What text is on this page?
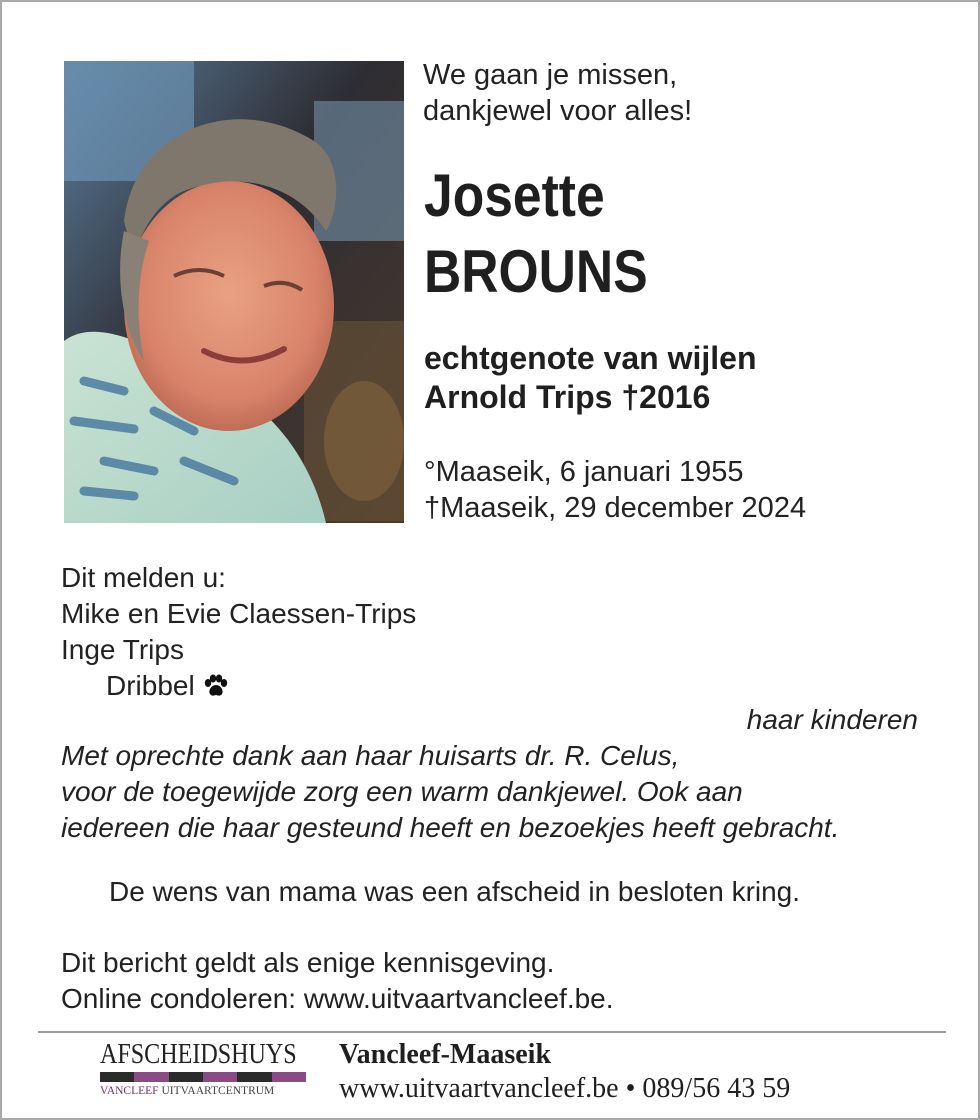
We gaan je missen,
dankjewel voor alles!
Josette
BROUNS
echtgenote van wijlen
Arnold Trips †2016
°Maaseik, 6 januari 1955
†Maaseik, 29 december 2024
Dit melden u:
Mike en Evie Claessen-Trips
Inge Trips
Dribbel
haar kinderen
Met oprechte dank aan haar huisarts dr. R. Celus,
voor de toegewijde zorg een warm dankjewel. Ook aan
iedereen die haar gesteund heeft en bezoekjes heeft gebracht.
De wens van mama was een afscheid in besloten kring.
Dit bericht geldt als enige kennisgeving.
Online condoleren: www.uitvaartvancleef.be.
AFSCHEIDSHUYS
VANCLEEF UITVAARTCENTRUM
Vancleef-Maaseik
www.uitvaartvancleef.be • 089/56 43 59
